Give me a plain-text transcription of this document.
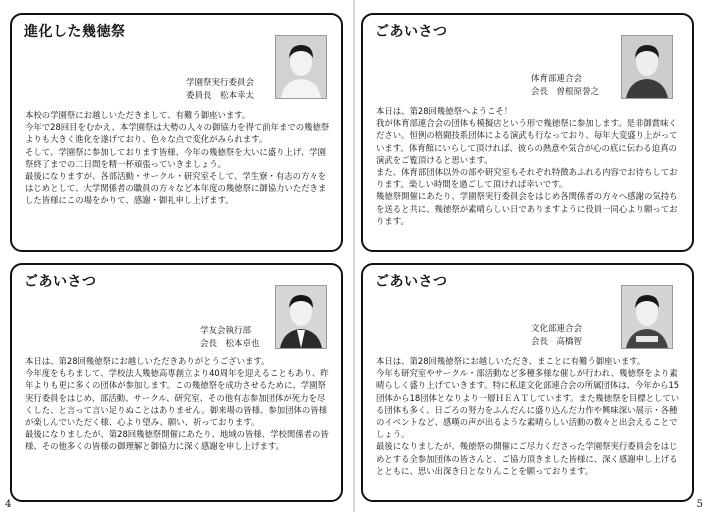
進化した幾徳祭
学園祭実行委員会
委員長　松本幸太

本校の学園祭にお越しいただきまして、有難う御座います。

今年で28回目をむかえ、本学園祭は大勢の人々の御協力を得て前年までの幾徳祭よりも大きく進化を遂げており、色々な点で変化がみられます。

そして、学園祭に参加しております皆様、今年の幾徳祭を大いに盛り上げ、学園祭終了までの二日間を精一杯頑張っていきましょう。

最後になりますが、各部活動・サークル・研究室そして、学生寮・有志の方々をはじめとして、大学関係者の職員の方々など本年度の幾徳祭に御協力いただきました皆様にこの場をかりて、感謝・御礼申し上げます。

ごあいさつ
学友会執行部
会長　松本卓也

本日は、第28回幾徳祭にお越しいただきありがとうございます。

今年度をもちまして、学校法人幾徳高専創立より40周年を迎えることもあり、昨年よりも更に多くの団体が参加します。この幾徳祭を成功させるために、学園祭実行委員をはじめ、部活動、サークル、研究室、その他有志参加団体が死力を尽くした、と言って言い足りぬことはありません。御来場の皆様、参加団体の皆様が楽しんでいただく様、心より望み、願い、祈っております。

最後になりましたが、第28回幾徳祭開催にあたり、地域の皆様、学校関係者の皆様、その他多くの皆様の御理解と御協力に深く感謝を申し上げます。

4
ごあいさつ
体育部連合会
会長　曽根原誉之

本日は、第28回幾徳祭へようこそ！

我が体育部連合会の団体も模擬店という形で幾徳祭に参加します。是非御賞味ください。恒例の格闘技系団体による演武も行なっており、毎年大変盛り上がっています。体育館にいらして頂ければ、彼らの熱意や気合が心の底に伝わる迫真の演武をご覧頂けると思います。

また、体育部団体以外の部や研究室もそれぞれ特徴あふれる内容でお待ちしております。楽しい時間を過ごして頂ければ幸いです。

幾徳祭開催にあたり、学園祭実行委員会をはじめ各関係者の方々へ感謝の気持ちを送ると共に、幾徳祭が素晴らしい日でありますように役員一同心より願っております。

ごあいさつ
文化部連合会
会長　高橋智

本日は、第28回幾徳祭にお越しいただき、まことに有難う御座います。

今年も研究室やサークル・部活動など多種多様な催しが行われ、幾徳祭をより素晴らしく盛り上げていきます。特に私達文化部連合会の所属団体は、今年から15団体から18団体となりより一層ＨＥＡＴしています。また幾徳祭を目標としている団体も多く、日ごろの努力をふんだんに盛り込んだ力作や興味深い展示・各種のイベントなど、感嘆の声が出るような素晴らしい活動の数々と出会えることでしょう。

最後になりましたが、幾徳祭の開催にご尽力くださった学園祭実行委員会をはじめとする全参加団体の皆さんと、ご協力頂きました皆様に、深く感謝申し上げるとともに、思い出深き日となりんことを願っております。

5
